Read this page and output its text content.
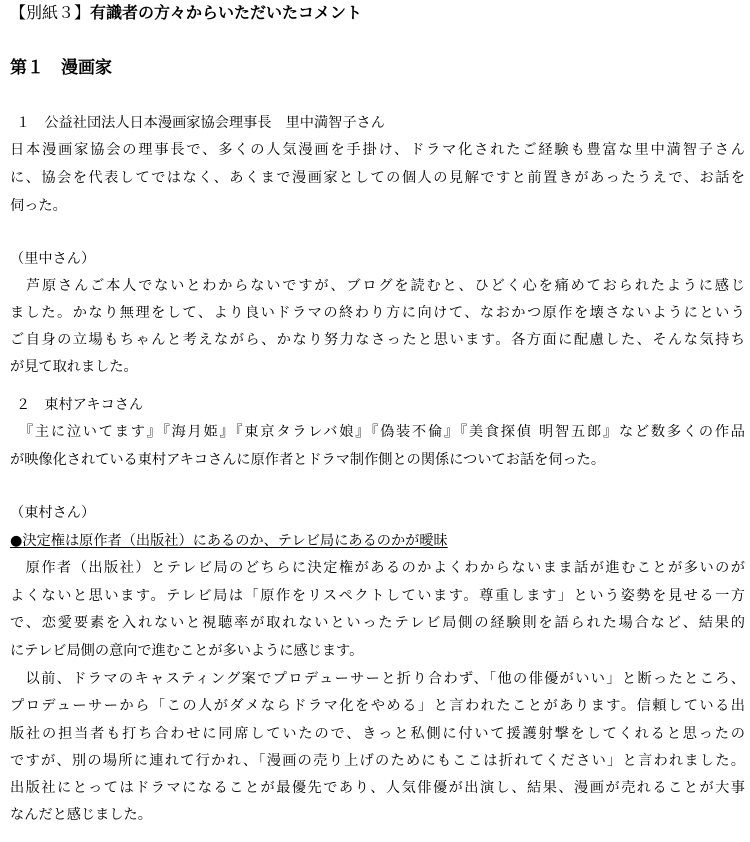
【別紙３】有識者の方々からいただいたコメント
第１ 漫画家
１ 公益社団法人日本漫画家協会理事長　里中満智子さん
日本漫画家協会の理事長で、多くの人気漫画を手掛け、ドラマ化されたご経験も豊富な里中満智子さん
に、協会を代表してではなく、あくまで漫画家としての個人の見解ですと前置きがあったうえで、お話を
伺った。
（里中さん）
　芦原さんご本人でないとわからないですが、ブログを読むと、ひどく心を痛めておられたように感じ
ました。かなり無理をして、より良いドラマの終わり方に向けて、なおかつ原作を壊さないようにという
ご自身の立場もちゃんと考えながら、かなり努力なさったと思います。各方面に配慮した、そんな気持ち
が見て取れました。
２ 東村アキコさん
　『主に泣いてます』『海月姫』『東京タラレバ娘』『偽装不倫』『美食探偵 明智五郎』など数多くの作品
が映像化されている東村アキコさんに原作者とドラマ制作側との関係についてお話を伺った。
（東村さん）
●決定権は原作者（出版社）にあるのか、テレビ局にあるのかが曖昧
　原作者（出版社）とテレビ局のどちらに決定権があるのかよくわからないまま話が進むことが多いのが
よくないと思います。テレビ局は「原作をリスペクトしています。尊重します」という姿勢を見せる一方
で、恋愛要素を入れないと視聴率が取れないといったテレビ局側の経験則を語られた場合など、結果的
にテレビ局側の意向で進むことが多いように感じます。
　以前、ドラマのキャスティング案でプロデューサーと折り合わず、「他の俳優がいい」と断ったところ、
プロデューサーから「この人がダメならドラマ化をやめる」と言われたことがあります。信頼している出
版社の担当者も打ち合わせに同席していたので、きっと私側に付いて援護射撃をしてくれると思ったの
ですが、別の場所に連れて行かれ、「漫画の売り上げのためにもここは折れてください」と言われました。
出版社にとってはドラマになることが最優先であり、人気俳優が出演し、結果、漫画が売れることが大事
なんだと感じました。
